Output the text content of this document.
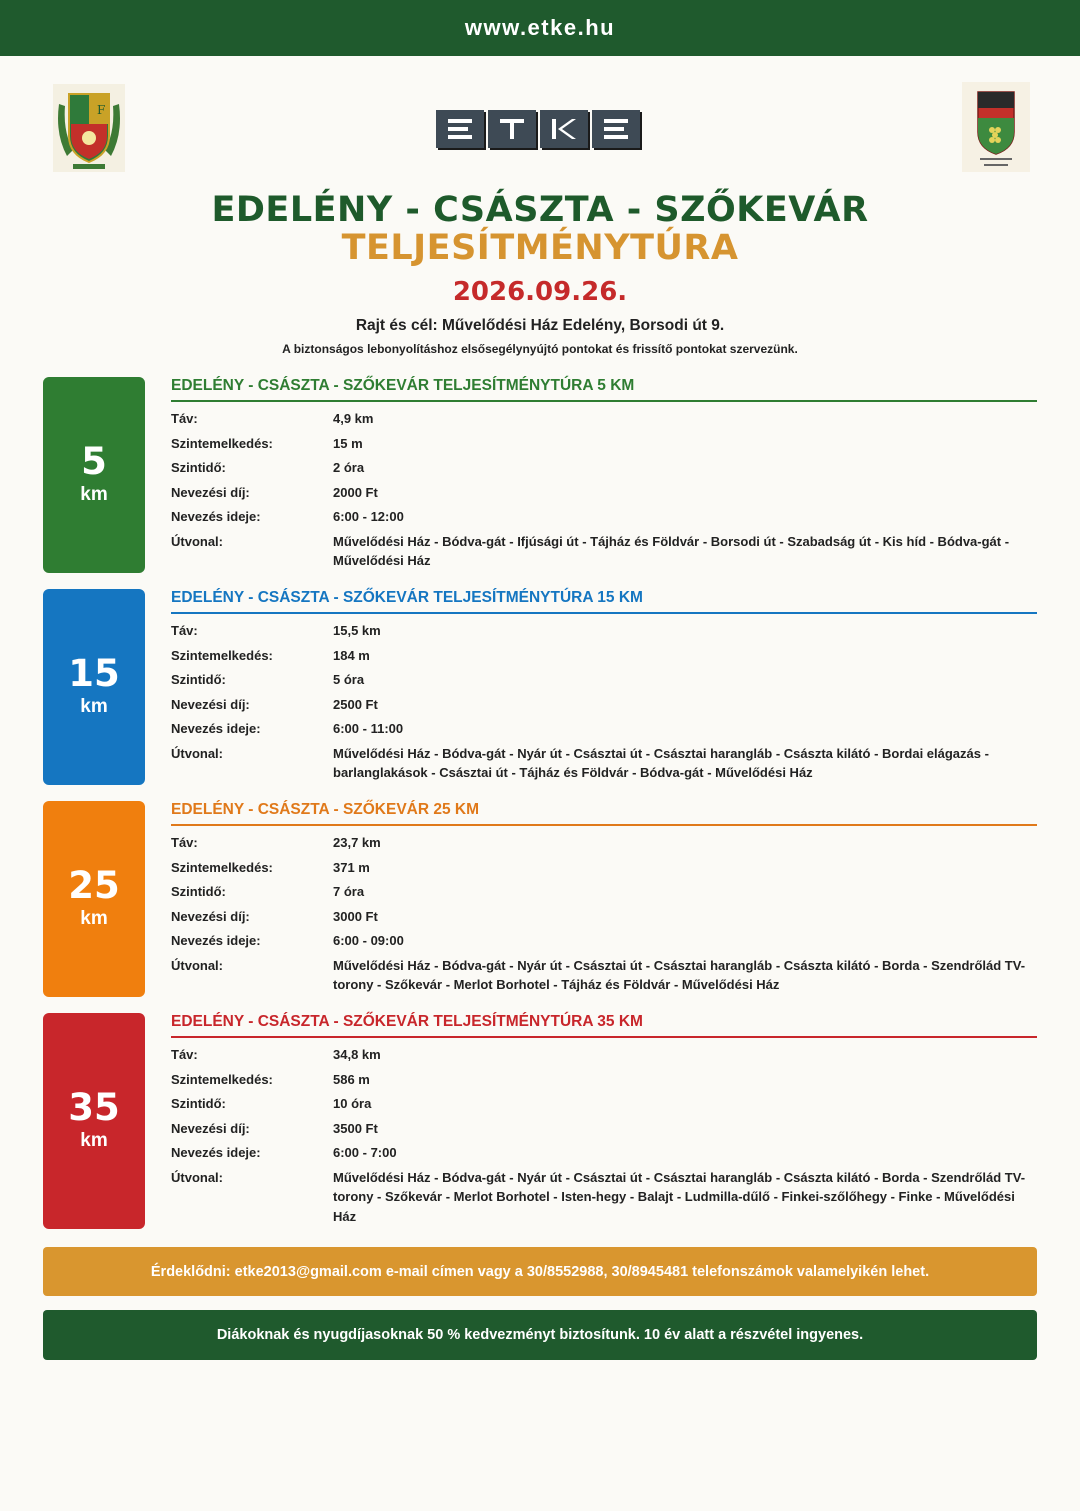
www.etke.hu
F
EDELÉNY - CSÁSZTA - SZŐKEVÁR
TELJESÍTMÉNYTÚRA
2026.09.26.
Rajt és cél: Művelődési Ház Edelény, Borsodi út 9.
A biztonságos lebonyolításhoz elsősegélynyújtó pontokat és frissítő pontokat szervezünk.
5
km
EDELÉNY - CSÁSZTA - SZŐKEVÁR TELJESÍTMÉNYTÚRA 5 KM
Táv:	4,9 km
Szintemelkedés:	15 m
Szintidő:	2 óra
Nevezési díj:	2000 Ft
Nevezés ideje:	6:00 - 12:00
Útvonal:	Művelődési Ház - Bódva-gát - Ifjúsági út - Tájház és Földvár - Borsodi út - Szabadság út - Kis híd - Bódva-gát - Művelődési Ház
15
km
EDELÉNY - CSÁSZTA - SZŐKEVÁR TELJESÍTMÉNYTÚRA 15 KM
Táv:	15,5 km
Szintemelkedés:	184 m
Szintidő:	5 óra
Nevezési díj:	2500 Ft
Nevezés ideje:	6:00 - 11:00
Útvonal:	Művelődési Ház - Bódva-gát - Nyár út - Császtai út - Császtai harangláb - Császta kilátó - Bordai elágazás - barlanglakások - Császtai út - Tájház és Földvár - Bódva-gát - Művelődési Ház
25
km
EDELÉNY - CSÁSZTA - SZŐKEVÁR 25 KM
Táv:	23,7 km
Szintemelkedés:	371 m
Szintidő:	7 óra
Nevezési díj:	3000 Ft
Nevezés ideje:	6:00 - 09:00
Útvonal:	Művelődési Ház - Bódva-gát - Nyár út - Császtai út - Császtai harangláb - Császta kilátó - Borda - Szendrőlád TV-torony - Szőkevár - Merlot Borhotel - Tájház és Földvár - Művelődési Ház
35
km
EDELÉNY - CSÁSZTA - SZŐKEVÁR TELJESÍTMÉNYTÚRA 35 KM
Táv:	34,8 km
Szintemelkedés:	586 m
Szintidő:	10 óra
Nevezési díj:	3500 Ft
Nevezés ideje:	6:00 - 7:00
Útvonal:	Művelődési Ház - Bódva-gát - Nyár út - Császtai út - Császtai harangláb - Császta kilátó - Borda - Szendrőlád TV-torony - Szőkevár - Merlot Borhotel - Isten-hegy - Balajt - Ludmilla-dűlő - Finkei-szőlőhegy - Finke - Művelődési Ház
Érdeklődni: etke2013@gmail.com e-mail címen vagy a 30/8552988, 30/8945481 telefonszámok valamelyikén lehet.
Diákoknak és nyugdíjasoknak 50 % kedvezményt biztosítunk. 10 év alatt a részvétel ingyenes.
